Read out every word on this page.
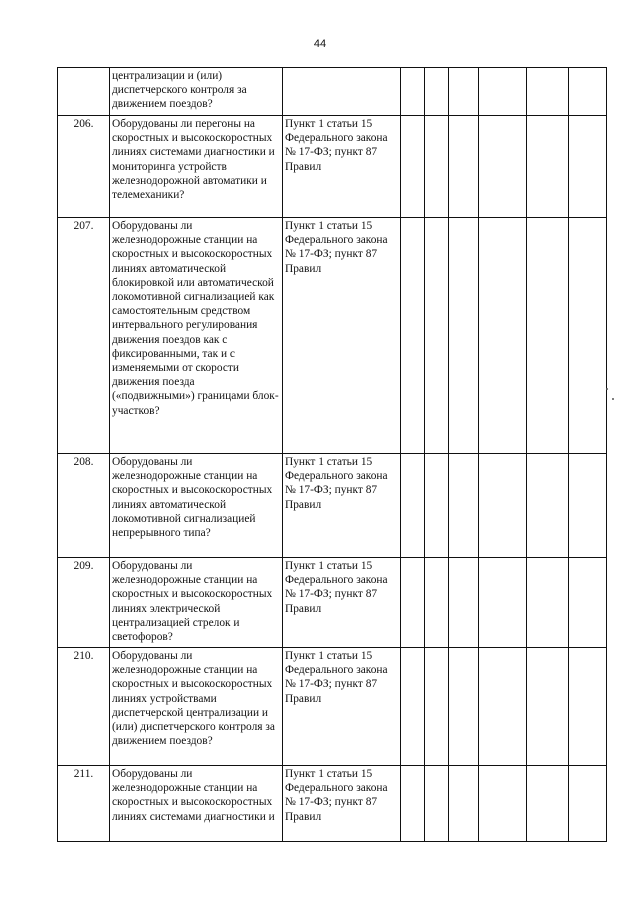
44
	централизации и (или) диспетчерского контроля за движением поездов?							
206.	Оборудованы ли перегоны на скоростных и высокоскоростных линиях системами диагностики и мониторинга устройств железнодорожной автоматики и телемеханики?	Пункт 1 статьи 15 Федерального закона № 17-ФЗ; пункт 87 Правил						
207.	Оборудованы ли железнодорожные станции на скоростных и высокоскоростных линиях автоматической блокировкой или автоматической локомотивной сигнализацией как самостоятельным средством интервального регулирования движения поездов как с фиксированными, так и с изменяемыми от скорости движения поезда («подвижными») границами блок-участков?	Пункт 1 статьи 15 Федерального закона № 17-ФЗ; пункт 87 Правил						
208.	Оборудованы ли железнодорожные станции на скоростных и высокоскоростных линиях автоматической локомотивной сигнализацией непрерывного типа?	Пункт 1 статьи 15 Федерального закона № 17-ФЗ; пункт 87 Правил						
209.	Оборудованы ли железнодорожные станции на скоростных и высокоскоростных линиях электрической централизацией стрелок и светофоров?	Пункт 1 статьи 15 Федерального закона № 17-ФЗ; пункт 87 Правил						
210.	Оборудованы ли железнодорожные станции на скоростных и высокоскоростных линиях устройствами диспетчерской централизации и (или) диспетчерского контроля за движением поездов?	Пункт 1 статьи 15 Федерального закона № 17-ФЗ; пункт 87 Правил						
211.	Оборудованы ли железнодорожные станции на скоростных и высокоскоростных линиях системами диагностики и	Пункт 1 статьи 15 Федерального закона № 17-ФЗ; пункт 87 Правил						
